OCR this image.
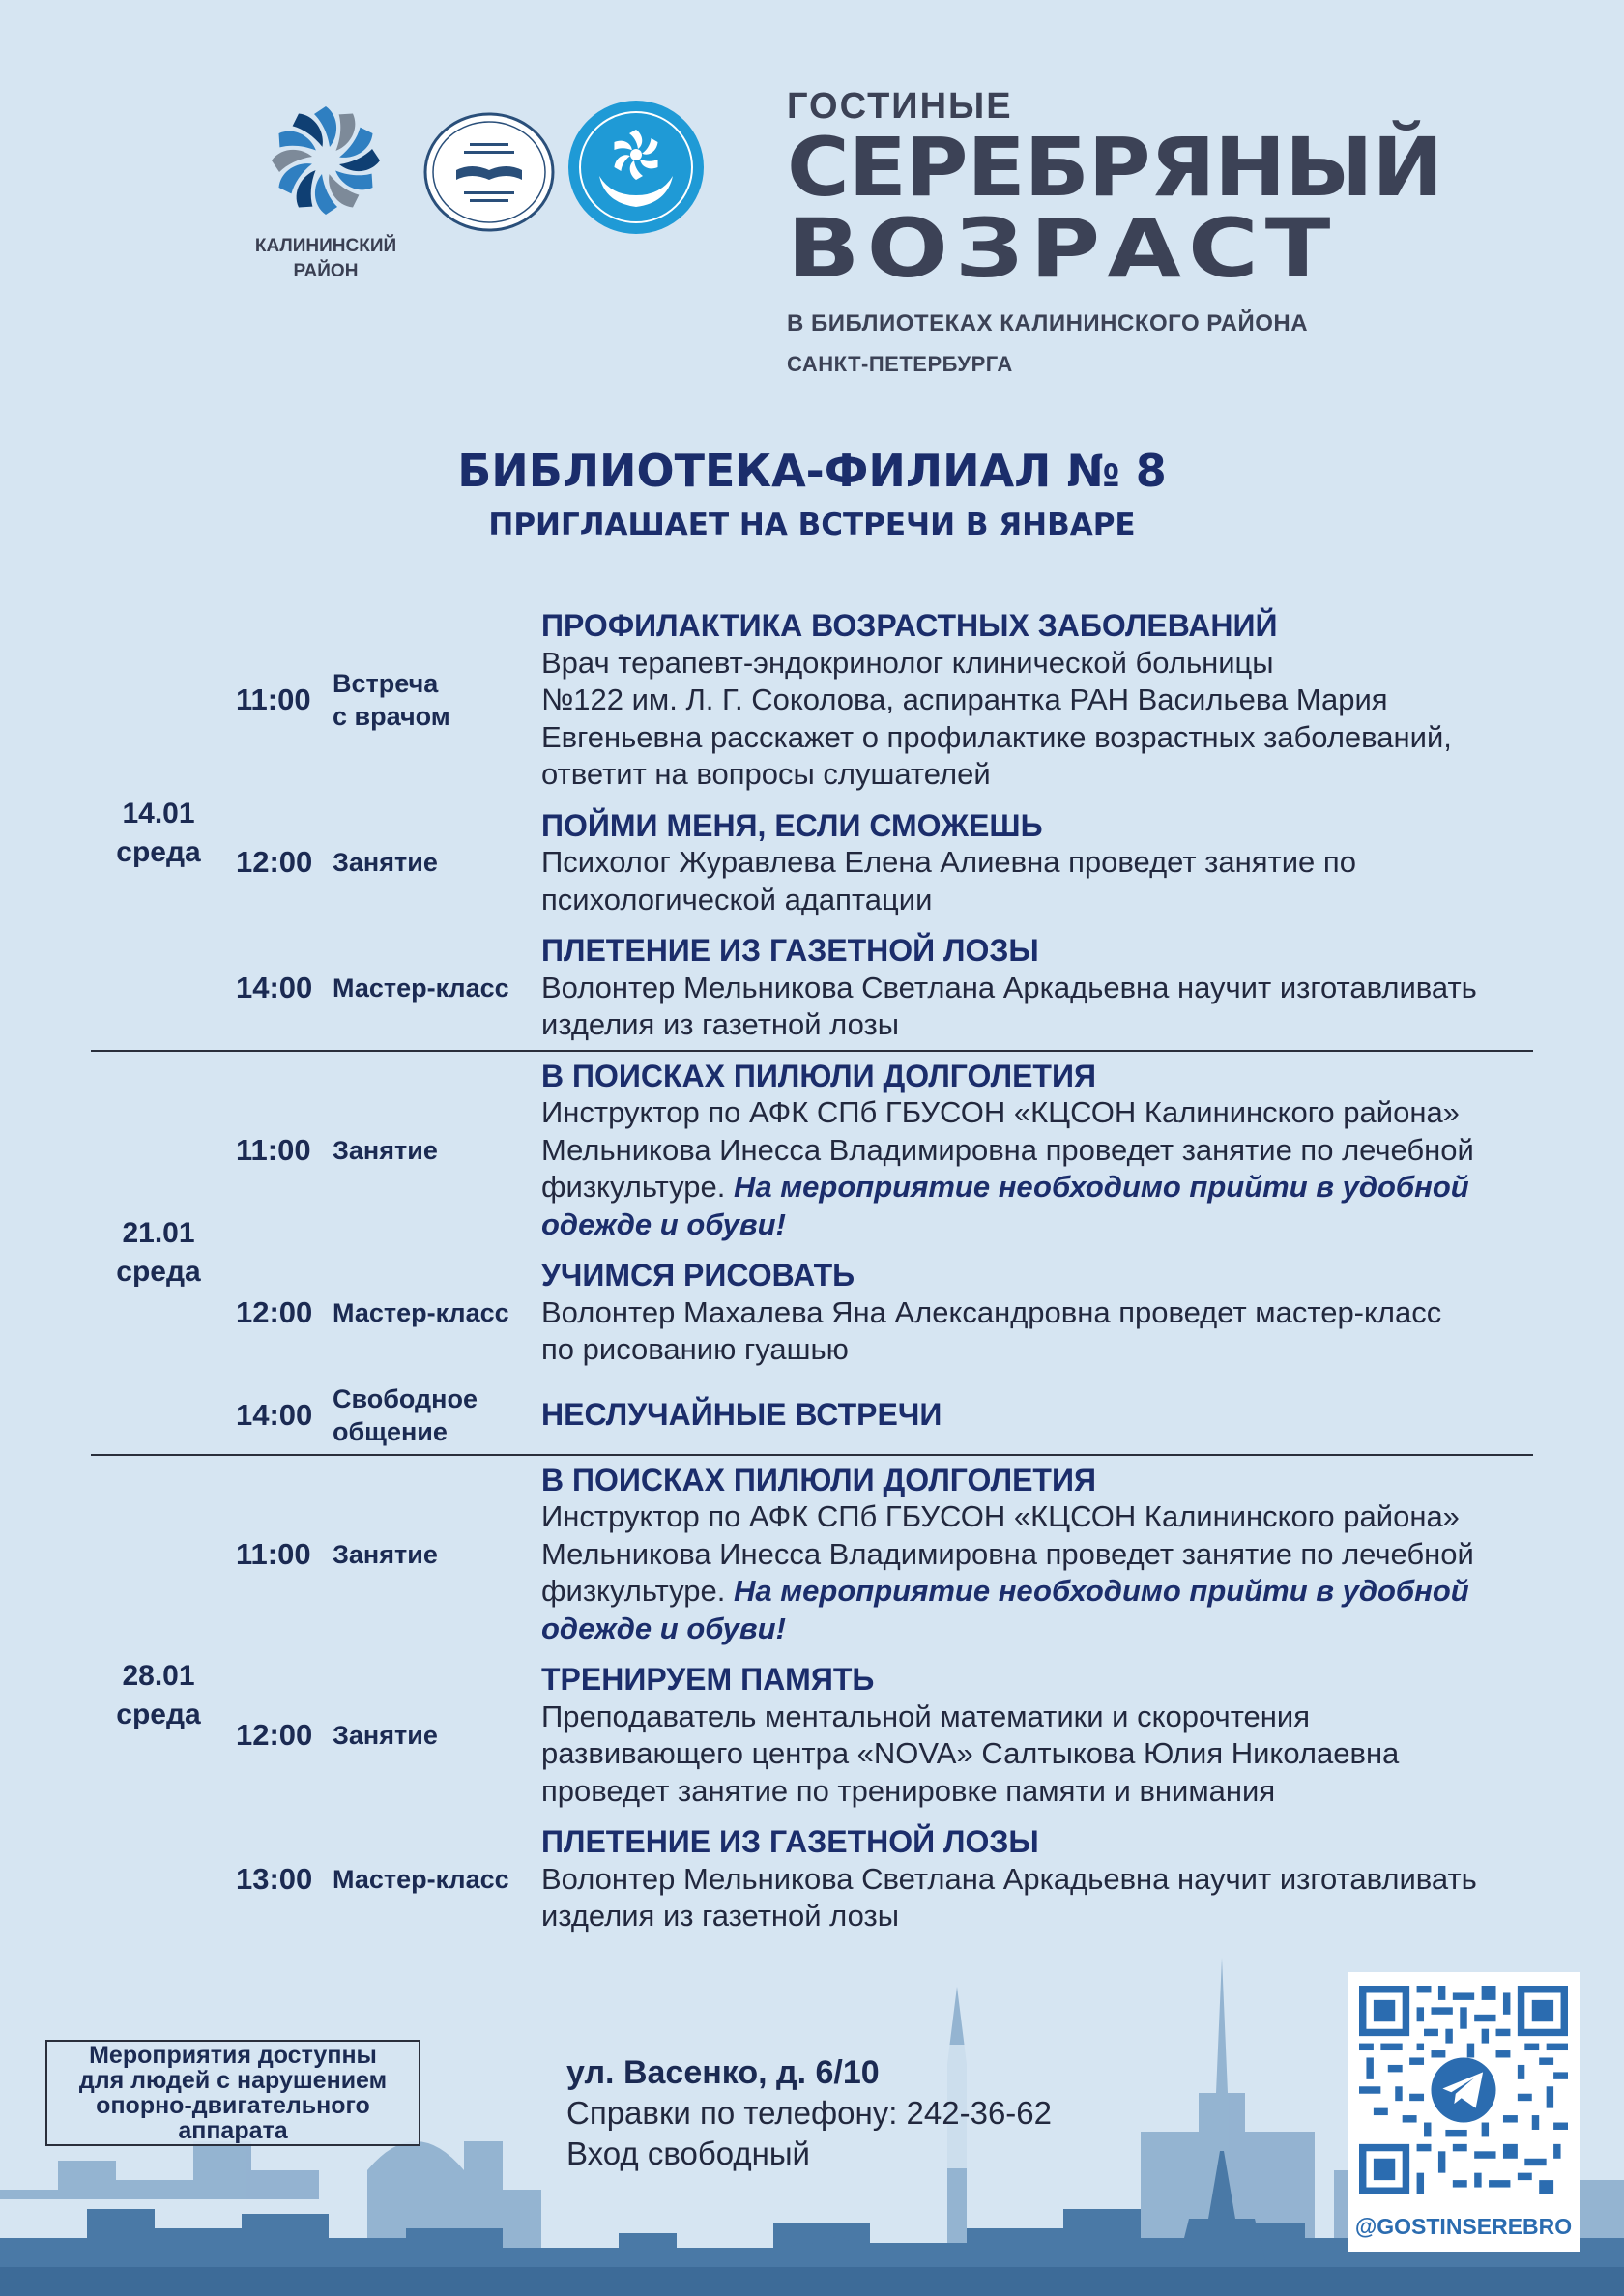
КАЛИНИНСКИЙ
РАЙОН
ГОСТИНЫЕ
СЕРЕБРЯНЫЙ
ВОЗРАСТ
В БИБЛИОТЕКАХ КАЛИНИНСКОГО РАЙОНА
САНКТ-ПЕТЕРБУРГА
БИБЛИОТЕКА-ФИЛИАЛ № 8
ПРИГЛАШАЕТ НА ВСТРЕЧИ В ЯНВАРЕ
14.01
среда
11:00 Встреча
с врачом
ПРОФИЛАКТИКА ВОЗРАСТНЫХ ЗАБОЛЕВАНИЙ
Врач терапевт-эндокринолог клинической больницы
№122 им. Л. Г. Соколова, аспирантка РАН Васильева Мария
Евгеньевна расскажет о профилактике возрастных заболеваний,
ответит на вопросы слушателей
12:00 Занятие
ПОЙМИ МЕНЯ, ЕСЛИ СМОЖЕШЬ
Психолог Журавлева Елена Алиевна проведет занятие по
психологической адаптации
14:00 Мастер-класс
ПЛЕТЕНИЕ ИЗ ГАЗЕТНОЙ ЛОЗЫ
Волонтер Мельникова Светлана Аркадьевна научит изготавливать
изделия из газетной лозы
21.01
среда
11:00 Занятие
В ПОИСКАХ ПИЛЮЛИ ДОЛГОЛЕТИЯ
Инструктор по АФК СПб ГБУСОН «КЦСОН Калининского района»
Мельникова Инесса Владимировна проведет занятие по лечебной
физкультуре. На мероприятие необходимо прийти в удобной
одежде и обуви!
12:00 Мастер-класс
УЧИМСЯ РИСОВАТЬ
Волонтер Махалева Яна Александровна проведет мастер-класс
по рисованию гуашью
14:00 Свободное
общение	НЕСЛУЧАЙНЫЕ ВСТРЕЧИ
28.01
среда
11:00 Занятие
В ПОИСКАХ ПИЛЮЛИ ДОЛГОЛЕТИЯ
Инструктор по АФК СПб ГБУСОН «КЦСОН Калининского района»
Мельникова Инесса Владимировна проведет занятие по лечебной
физкультуре. На мероприятие необходимо прийти в удобной
одежде и обуви!
12:00 Занятие
ТРЕНИРУЕМ ПАМЯТЬ
Преподаватель ментальной математики и скорочтения
развивающего центра «NOVA» Салтыкова Юлия Николаевна
проведет занятие по тренировке памяти и внимания
13:00 Мастер-класс
ПЛЕТЕНИЕ ИЗ ГАЗЕТНОЙ ЛОЗЫ
Волонтер Мельникова Светлана Аркадьевна научит изготавливать
изделия из газетной лозы
Мероприятия доступны
для людей с нарушением
опорно-двигательного
аппарата
ул. Васенко, д. 6/10
Справки по телефону: 242-36-62
Вход свободный
@GOSTINSEREBRO
